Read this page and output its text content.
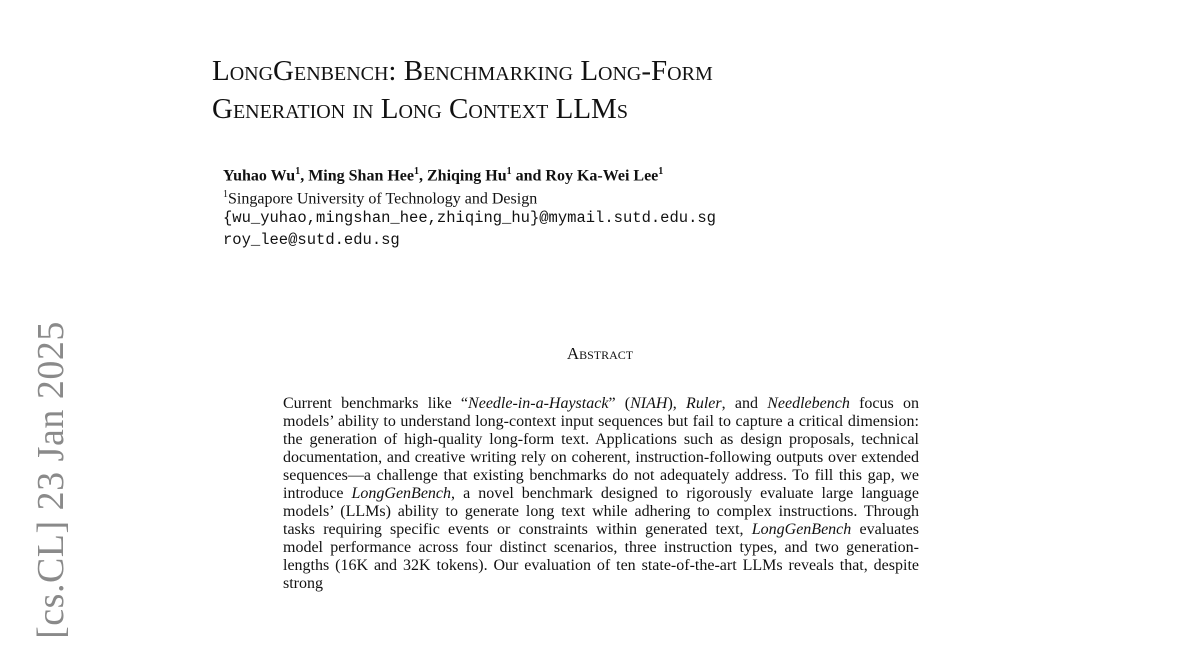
[cs.CL] 23 Jan 2025
LongGenbench: Benchmarking Long-Form
Generation in Long Context LLMs
Yuhao Wu$^1$, Ming Shan Hee$^1$, Zhiqing Hu$^1$ and Roy Ka-Wei Lee$^1$
$^1$Singapore University of Technology and Design
{wu_yuhao,mingshan_hee,zhiqing_hu}@mymail.sutd.edu.sg
roy_lee@sutd.edu.sg
Abstract

Current benchmarks like “Needle-in-a-Haystack” (NIAH), Ruler, and Needlebench focus on models’ ability to understand long-context input sequences but fail to capture a critical dimension: the generation of high-quality long-form text. Applications such as design proposals, technical documentation, and creative writing rely on coherent, instruction-following outputs over extended sequences—a challenge that existing benchmarks do not adequately address. To fill this gap, we introduce LongGenBench, a novel benchmark designed to rigorously evaluate large language models’ (LLMs) ability to generate long text while adhering to complex instructions. Through tasks requiring specific events or constraints within generated text, LongGenBench evaluates model performance across four distinct scenarios, three instruction types, and two generation-lengths (16K and 32K tokens). Our evaluation of ten state-of-the-art LLMs reveals that, despite strong
